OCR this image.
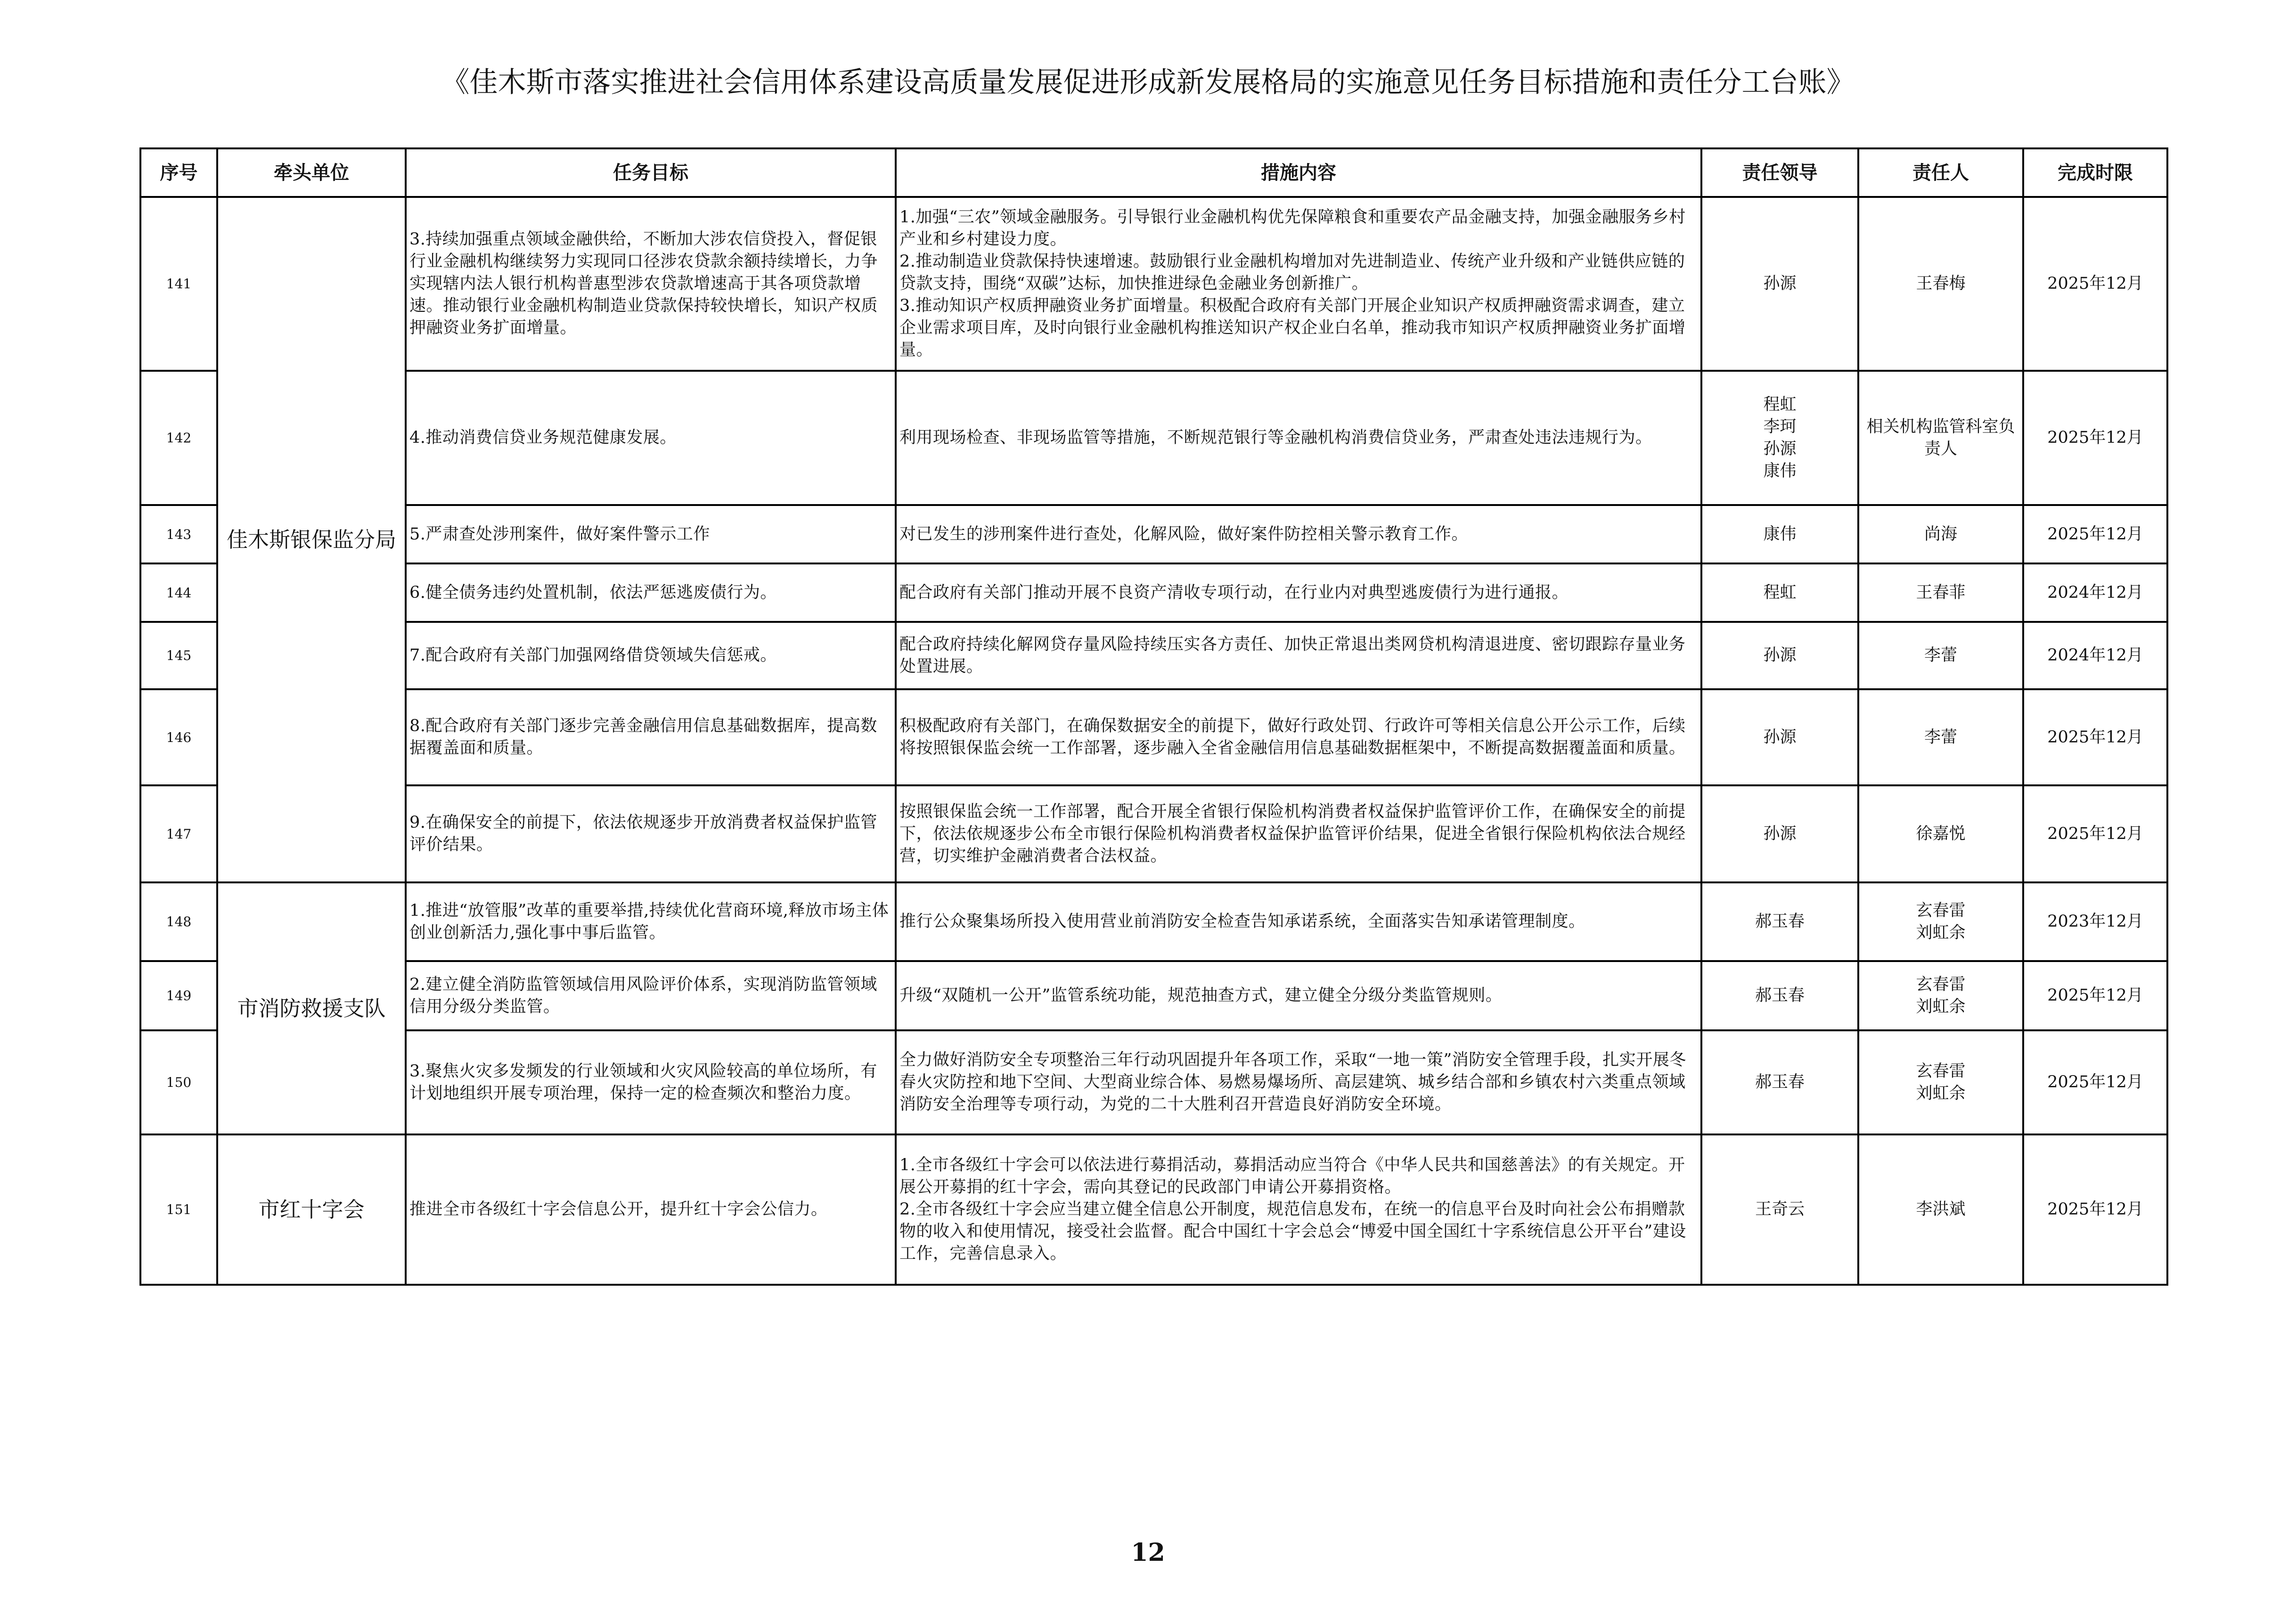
《佳木斯市落实推进社会信用体系建设高质量发展促进形成新发展格局的实施意见任务目标措施和责任分工台账》
序号	牵头单位	任务目标	措施内容	责任领导	责任人	完成时限
141	佳木斯银保监分局	3.持续加强重点领域金融供给，不断加大涉农信贷投入，督促银行业金融机构继续努力实现同口径涉农贷款余额持续增长，力争实现辖内法人银行机构普惠型涉农贷款增速高于其各项贷款增速。推动银行业金融机构制造业贷款保持较快增长，知识产权质押融资业务扩面增量。	1.加强“三农”领域金融服务。引导银行业金融机构优先保障粮食和重要农产品金融支持，加强金融服务乡村产业和乡村建设力度。
2.推动制造业贷款保持快速增速。鼓励银行业金融机构增加对先进制造业、传统产业升级和产业链供应链的贷款支持，围绕“双碳”达标，加快推进绿色金融业务创新推广。
3.推动知识产权质押融资业务扩面增量。积极配合政府有关部门开展企业知识产权质押融资需求调查，建立企业需求项目库，及时向银行业金融机构推送知识产权企业白名单，推动我市知识产权质押融资业务扩面增量。	孙源	王春梅	2025年12月
142		4.推动消费信贷业务规范健康发展。	利用现场检查、非现场监管等措施，不断规范银行等金融机构消费信贷业务，严肃查处违法违规行为。	程虹
李珂
孙源
康伟	相关机构监管科室负责人	2025年12月
143		5.严肃查处涉刑案件，做好案件警示工作	对已发生的涉刑案件进行查处，化解风险，做好案件防控相关警示教育工作。	康伟	尚海	2025年12月
144		6.健全债务违约处置机制，依法严惩逃废债行为。	配合政府有关部门推动开展不良资产清收专项行动，在行业内对典型逃废债行为进行通报。	程虹	王春菲	2024年12月
145		7.配合政府有关部门加强网络借贷领域失信惩戒。	配合政府持续化解网贷存量风险持续压实各方责任、加快正常退出类网贷机构清退进度、密切跟踪存量业务处置进展。	孙源	李蕾	2024年12月
146		8.配合政府有关部门逐步完善金融信用信息基础数据库，提高数据覆盖面和质量。	积极配政府有关部门，在确保数据安全的前提下，做好行政处罚、行政许可等相关信息公开公示工作，后续将按照银保监会统一工作部署，逐步融入全省金融信用信息基础数据框架中，不断提高数据覆盖面和质量。	孙源	李蕾	2025年12月
147		9.在确保安全的前提下，依法依规逐步开放消费者权益保护监管评价结果。	按照银保监会统一工作部署，配合开展全省银行保险机构消费者权益保护监管评价工作，在确保安全的前提下，依法依规逐步公布全市银行保险机构消费者权益保护监管评价结果，促进全省银行保险机构依法合规经营，切实维护金融消费者合法权益。	孙源	徐嘉悦	2025年12月
148	市消防救援支队	1.推进“放管服”改革的重要举措,持续优化营商环境,释放市场主体创业创新活力,强化事中事后监管。	推行公众聚集场所投入使用营业前消防安全检查告知承诺系统，全面落实告知承诺管理制度。	郝玉春	玄春雷
刘虹余	2023年12月
149		2.建立健全消防监管领域信用风险评价体系，实现消防监管领域信用分级分类监管。	升级“双随机一公开”监管系统功能，规范抽查方式，建立健全分级分类监管规则。	郝玉春	玄春雷
刘虹余	2025年12月
150		3.聚焦火灾多发频发的行业领域和火灾风险较高的单位场所，有计划地组织开展专项治理，保持一定的检查频次和整治力度。	全力做好消防安全专项整治三年行动巩固提升年各项工作，采取“一地一策”消防安全管理手段，扎实开展冬春火灾防控和地下空间、大型商业综合体、易燃易爆场所、高层建筑、城乡结合部和乡镇农村六类重点领域消防安全治理等专项行动，为党的二十大胜利召开营造良好消防安全环境。	郝玉春	玄春雷
刘虹余	2025年12月
151	市红十字会	推进全市各级红十字会信息公开，提升红十字会公信力。	1.全市各级红十字会可以依法进行募捐活动，募捐活动应当符合《中华人民共和国慈善法》的有关规定。开展公开募捐的红十字会，需向其登记的民政部门申请公开募捐资格。
2.全市各级红十字会应当建立健全信息公开制度，规范信息发布，在统一的信息平台及时向社会公布捐赠款物的收入和使用情况，接受社会监督。配合中国红十字会总会“博爱中国全国红十字系统信息公开平台”建设工作，完善信息录入。	王奇云	李洪斌	2025年12月
12
